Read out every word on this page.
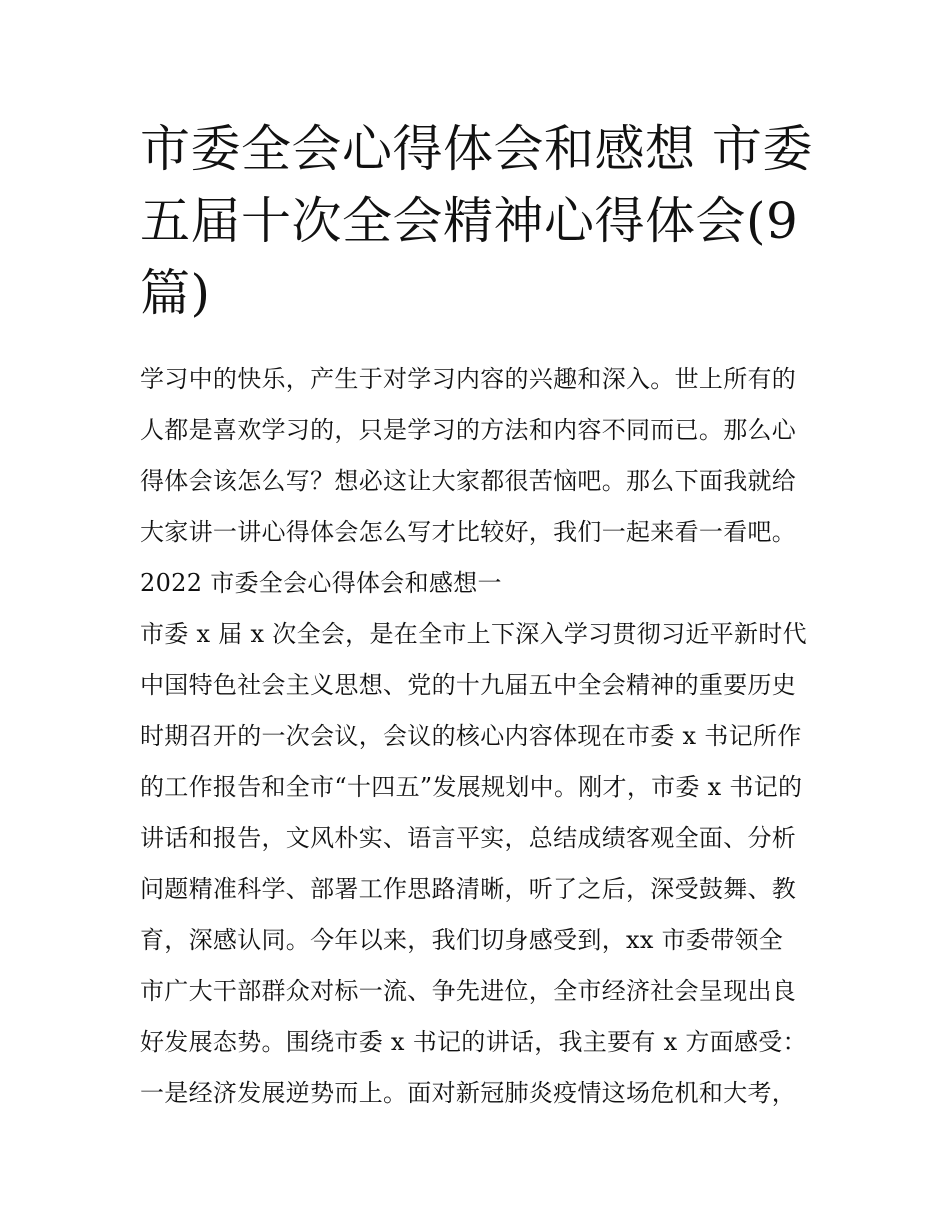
市委全会心得体会和感想 市委
五届十次全会精神心得体会(9
篇)
学习中的快乐，产生于对学习内容的兴趣和深入。世上所有的
人都是喜欢学习的，只是学习的方法和内容不同而已。那么心
得体会该怎么写？想必这让大家都很苦恼吧。那么下面我就给
大家讲一讲心得体会怎么写才比较好，我们一起来看一看吧。
2022 市委全会心得体会和感想一
市委 x 届 x 次全会，是在全市上下深入学习贯彻习近平新时代
中国特色社会主义思想、党的十九届五中全会精神的重要历史
时期召开的一次会议，会议的核心内容体现在市委 x 书记所作
的工作报告和全市“十四五”发展规划中。刚才，市委 x 书记的
讲话和报告，文风朴实、语言平实，总结成绩客观全面、分析
问题精准科学、部署工作思路清晰，听了之后，深受鼓舞、教
育，深感认同。今年以来，我们切身感受到，xx 市委带领全
市广大干部群众对标一流、争先进位，全市经济社会呈现出良
好发展态势。围绕市委 x 书记的讲话，我主要有 x 方面感受：
一是经济发展逆势而上。面对新冠肺炎疫情这场危机和大考，
